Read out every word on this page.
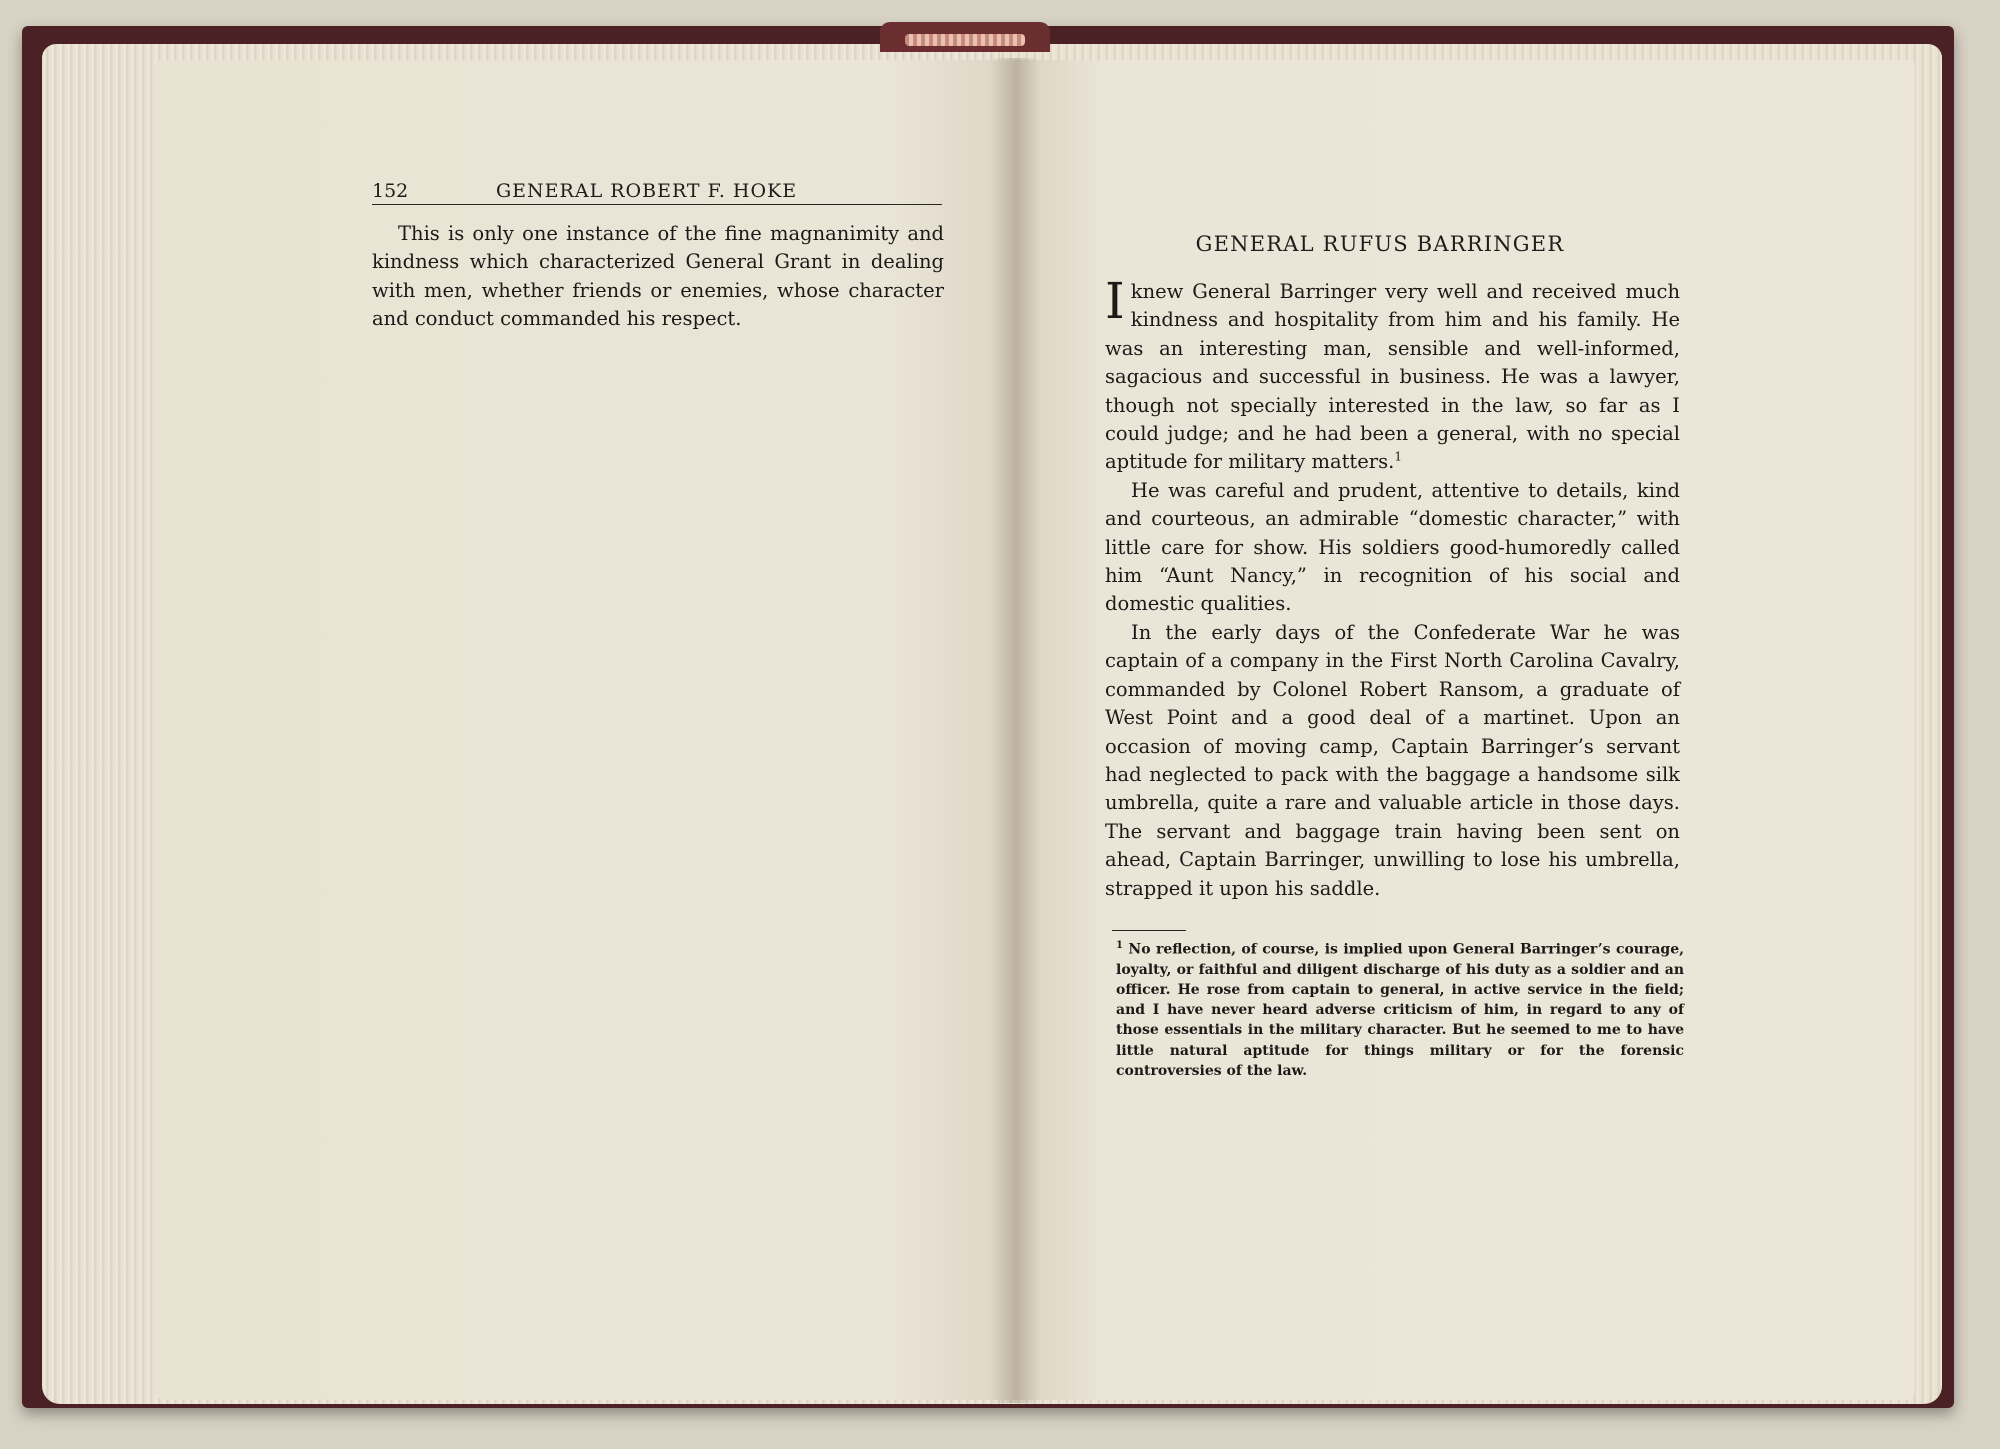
152	GENERAL ROBERT F. HOKE

This is only one instance of the fine magnanimity and kindness which characterized General Grant in dealing with men, whether friends or enemies, whose character and conduct commanded his respect.

GENERAL RUFUS BARRINGER

Iknew General Barringer very well and received much kindness and hospitality from him and his family. He was an interesting man, sensible and well-informed, sagacious and successful in business. He was a lawyer, though not specially interested in the law, so far as I could judge; and he had been a general, with no special aptitude for military matters.$^1$

He was careful and prudent, attentive to details, kind and courteous, an admirable “domestic character,” with little care for show. His soldiers good-humoredly called him “Aunt Nancy,” in recognition of his social and domestic qualities.

In the early days of the Confederate War he was captain of a company in the First North Carolina Cavalry, commanded by Colonel Robert Ransom, a graduate of West Point and a good deal of a martinet. Upon an occasion of moving camp, Captain Barringer’s servant had neglected to pack with the baggage a handsome silk umbrella, quite a rare and valuable article in those days. The servant and baggage train having been sent on ahead, Captain Barringer, unwilling to lose his umbrella, strapped it upon his saddle.

$^1$ No reflection, of course, is implied upon General Barringer’s courage, loyalty, or faithful and diligent discharge of his duty as a soldier and an officer. He rose from captain to general, in active service in the field; and I have never heard adverse criticism of him, in regard to any of those essentials in the military character. But he seemed to me to have little natural aptitude for things military or for the forensic controversies of the law.
